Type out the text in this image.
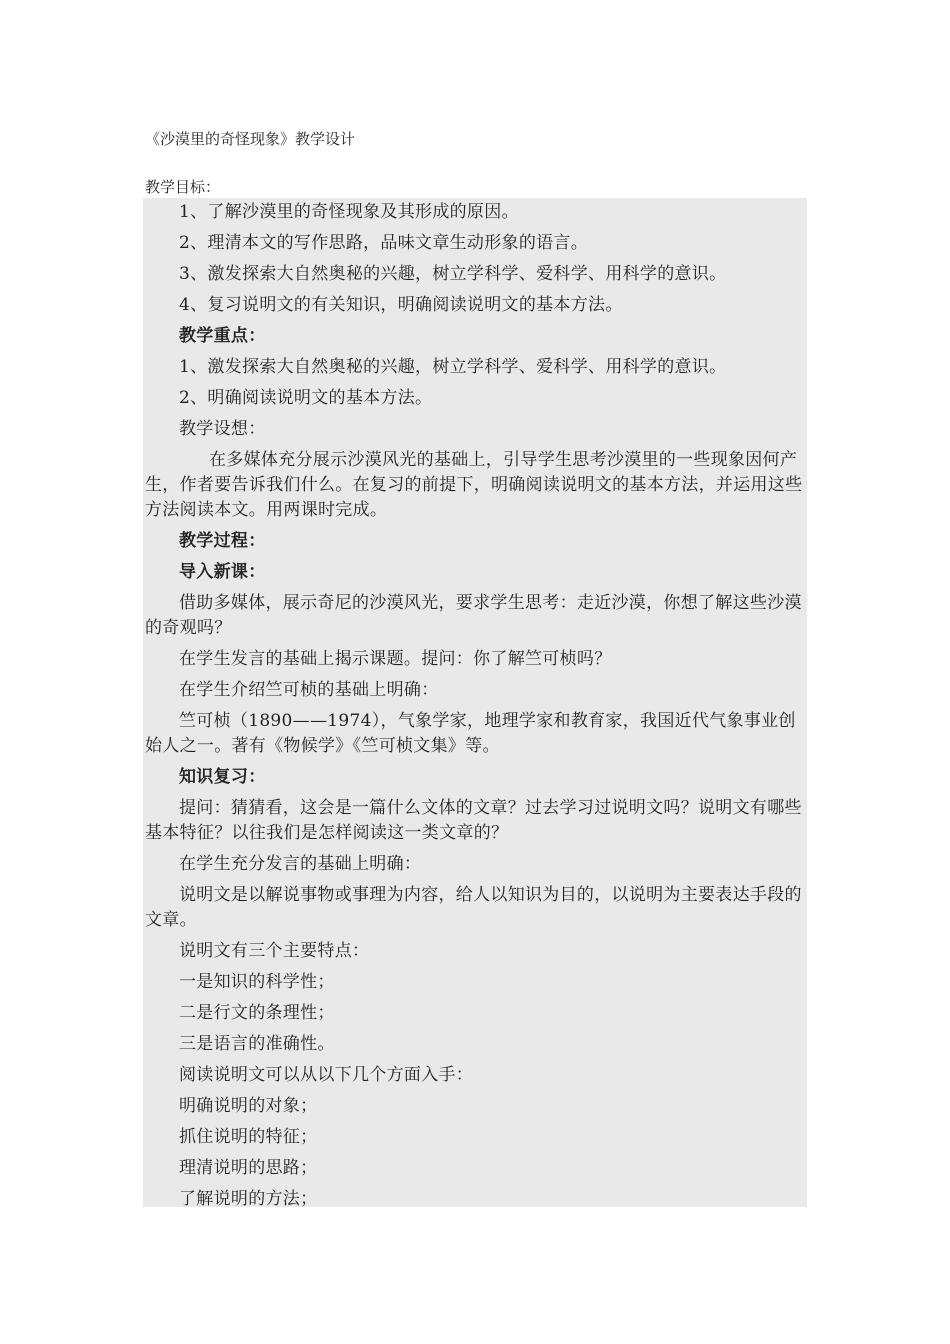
《沙漠里的奇怪现象》教学设计
教学目标：

1、了解沙漠里的奇怪现象及其形成的原因。

2、理清本文的写作思路，品味文章生动形象的语言。

3、激发探索大自然奥秘的兴趣，树立学科学、爱科学、用科学的意识。

4、复习说明文的有关知识，明确阅读说明文的基本方法。

教学重点：

1、激发探索大自然奥秘的兴趣，树立学科学、爱科学、用科学的意识。

2、明确阅读说明文的基本方法。

教学设想：

在多媒体充分展示沙漠风光的基础上，引导学生思考沙漠里的一些现象因何产生，作者要告诉我们什么。在复习的前提下，明确阅读说明文的基本方法，并运用这些方法阅读本文。用两课时完成。

教学过程：

导入新课：

借助多媒体，展示奇尼的沙漠风光，要求学生思考：走近沙漠，你想了解这些沙漠的奇观吗？

在学生发言的基础上揭示课题。提问：你了解竺可桢吗？

在学生介绍竺可桢的基础上明确：

竺可桢（1890——1974），气象学家，地理学家和教育家，我国近代气象事业创始人之一。著有《物候学》《竺可桢文集》等。

知识复习：

提问：猜猜看，这会是一篇什么文体的文章？过去学习过说明文吗？说明文有哪些基本特征？以往我们是怎样阅读这一类文章的？

在学生充分发言的基础上明确：

说明文是以解说事物或事理为内容，给人以知识为目的，以说明为主要表达手段的文章。

说明文有三个主要特点：

一是知识的科学性；

二是行文的条理性；

三是语言的准确性。

阅读说明文可以从以下几个方面入手：

明确说明的对象；

抓住说明的特征；

理清说明的思路；

了解说明的方法；
